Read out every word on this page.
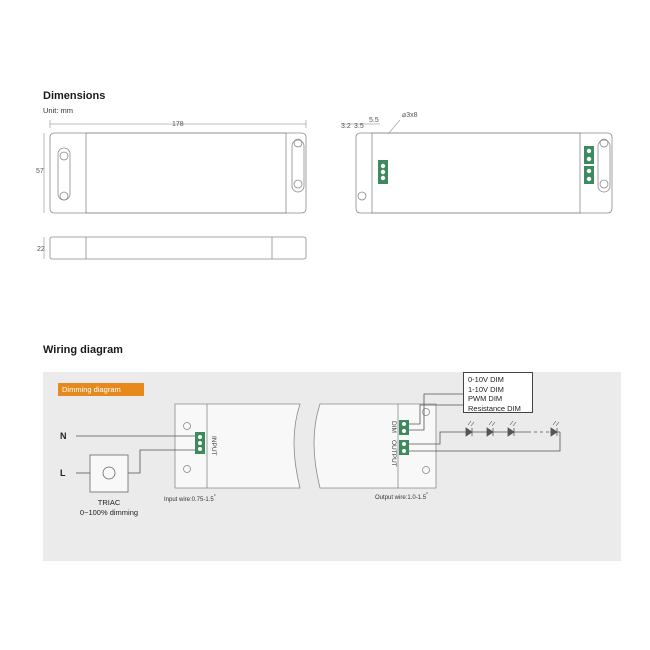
Dimensions
Unit: mm
178
57
22
3.2 3.5
5.5
⌀3x8
Wiring diagram
Dimming diagram
0-10V DIM
1-10V DIM
PWM DIM
Resistance DIM
INPUT
DIM
OUTPUT
N
L
TRIAC
0~100% dimming
Input wire:0.75-1.5°	Output wire:1.0-1.5°
